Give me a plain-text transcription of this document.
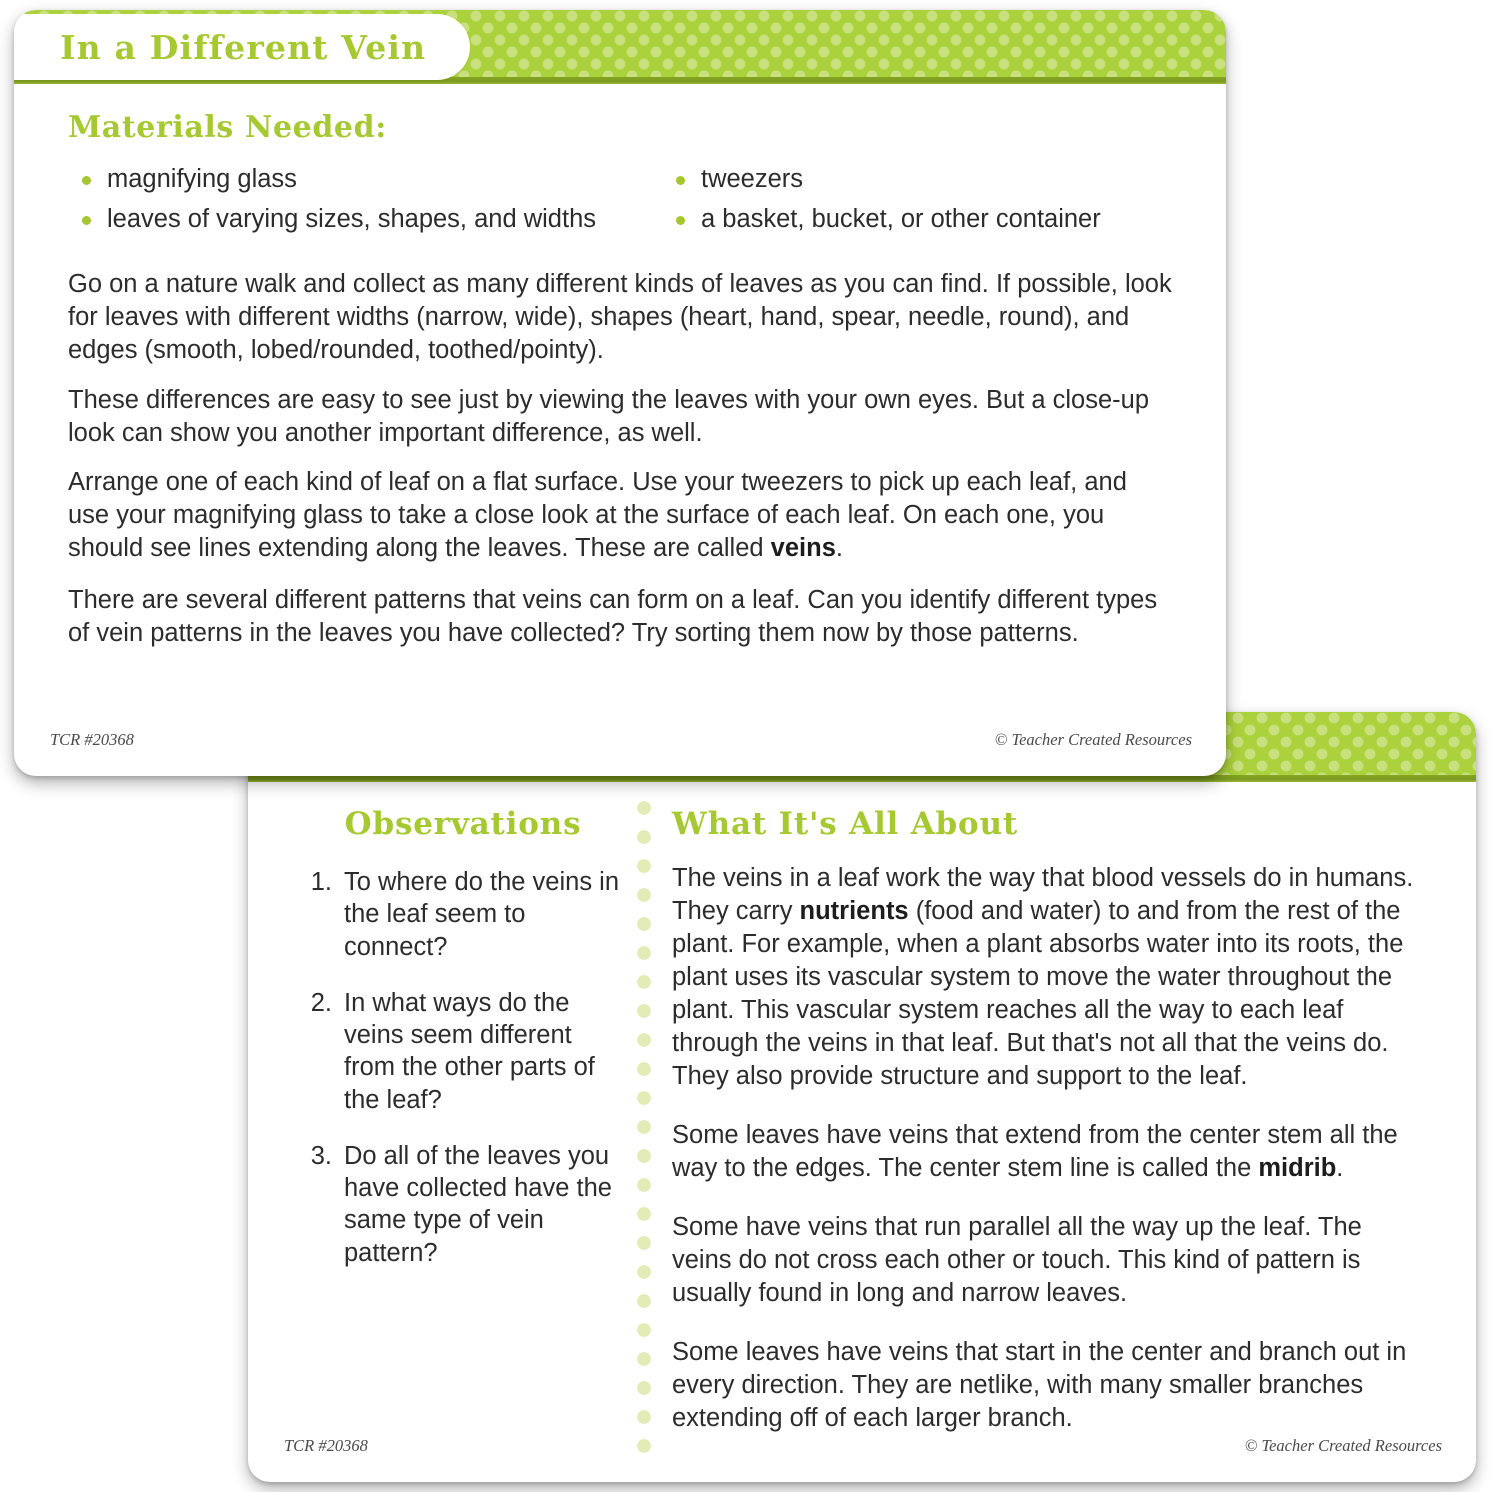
Observations
1. To where do the veins in the leaf seem to connect?
2. In what ways do the veins seem different from the other parts of the leaf?
3. Do all of the leaves you have collected have the same type of vein pattern?
What It's All About

The veins in a leaf work the way that blood vessels do in humans. They carry nutrients (food and water) to and from the rest of the plant. For example, when a plant absorbs water into its roots, the plant uses its vascular system to move the water throughout the plant. This vascular system reaches all the way to each leaf through the veins in that leaf. But that's not all that the veins do. They also provide structure and support to the leaf.

Some leaves have veins that extend from the center stem all the way to the edges. The center stem line is called the midrib.

Some have veins that run parallel all the way up the leaf. The veins do not cross each other or touch. This kind of pattern is usually found in long and narrow leaves.

Some leaves have veins that start in the center and branch out in every direction. They are netlike, with many smaller branches extending off of each larger branch.

TCR #20368	© Teacher Created Resources
In a Different Vein
Materials Needed:
magnifying glass
leaves of varying sizes, shapes, and widths
tweezers
a basket, bucket, or other container
Go on a nature walk and collect as many different kinds of leaves as you can find. If possible, look for leaves with different widths (narrow, wide), shapes (heart, hand, spear, needle, round), and edges (smooth, lobed/rounded, toothed/pointy).
These differences are easy to see just by viewing the leaves with your own eyes. But a close-up look can show you another important difference, as well.
Arrange one of each kind of leaf on a flat surface. Use your tweezers to pick up each leaf, and use your magnifying glass to take a close look at the surface of each leaf. On each one, you should see lines extending along the leaves. These are called veins.
There are several different patterns that veins can form on a leaf. Can you identify different types of vein patterns in the leaves you have collected? Try sorting them now by those patterns.
TCR #20368	© Teacher Created Resources
